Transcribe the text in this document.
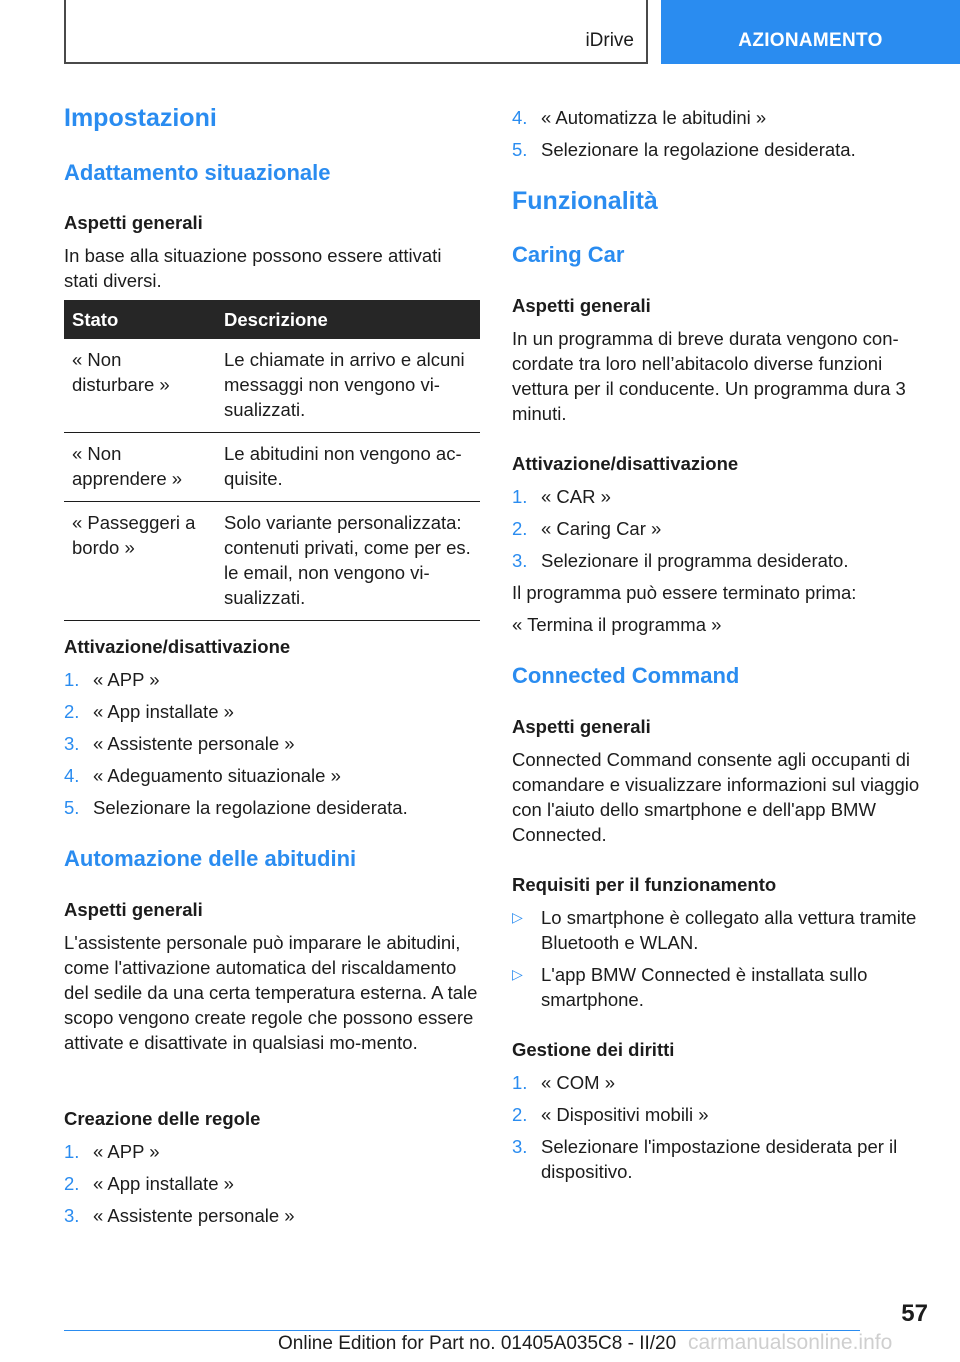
iDrive	AZIONAMENTO
Impostazioni
Adattamento situazionale
Aspetti generali
In base alla situazione possono essere attivati stati diversi.
Stato	Descrizione
« Non disturbare »	Le chiamate in arrivo e alcuni messaggi non vengono vi-sualizzati.
« Non apprendere »	Le abitudini non vengono ac-quisite.
« Passeggeri a bordo »	Solo variante personalizzata: contenuti privati, come per es. le email, non vengono vi-sualizzati.
Attivazione/disattivazione
1. « APP »
2. « App installate »
3. « Assistente personale »
4. « Adeguamento situazionale »
5. Selezionare la regolazione desiderata.
Automazione delle abitudini
Aspetti generali
L'assistente personale può imparare le abitudini, come l'attivazione automatica del riscaldamento del sedile da una certa temperatura esterna. A tale scopo vengono create regole che possono essere attivate e disattivate in qualsiasi mo-mento.
Creazione delle regole
1. « APP »
2. « App installate »
3. « Assistente personale »
4. « Automatizza le abitudini »
5. Selezionare la regolazione desiderata.
Funzionalità
Caring Car
Aspetti generali
In un programma di breve durata vengono con-cordate tra loro nell’abitacolo diverse funzioni vettura per il conducente. Un programma dura 3 minuti.
Attivazione/disattivazione
1. « CAR »
2. « Caring Car »
3. Selezionare il programma desiderato.
Il programma può essere terminato prima:
« Termina il programma »
Connected Command
Aspetti generali
Connected Command consente agli occupanti di comandare e visualizzare informazioni sul viaggio con l'aiuto dello smartphone e dell'app BMW Connected.
Requisiti per il funzionamento
▷ Lo smartphone è collegato alla vettura tramite Bluetooth e WLAN.
▷ L'app BMW Connected è installata sullo smartphone.
Gestione dei diritti
1. « COM »
2. « Dispositivi mobili »
3. Selezionare l'impostazione desiderata per il dispositivo.
57
Online Edition for Part no. 01405A035C8 - II/20 carmanualsonline.info
